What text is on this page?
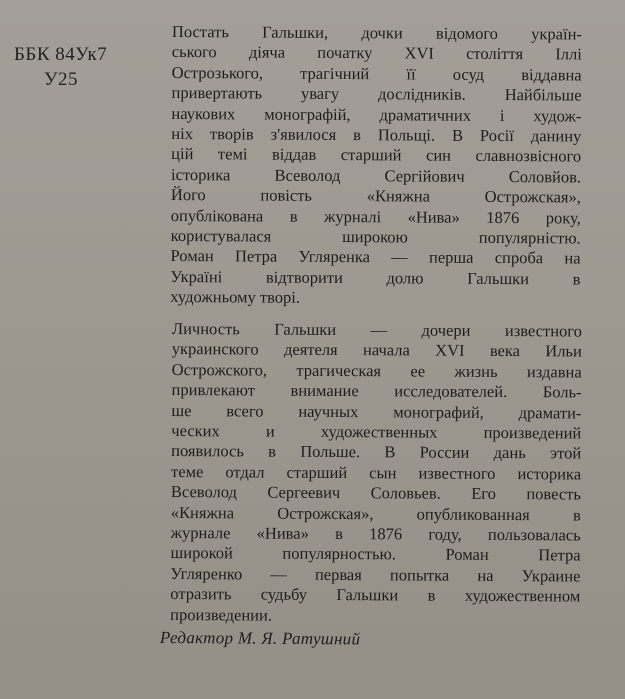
ББК 84Ук7
У25
Постать Гальшки, дочки відомого україн-
ського діяча початку XVI століття Іллі
Острозького, трагічний її осуд віддавна
привертають увагу дослідників. Найбільше
наукових монографій, драматичних і худож-
ніх творів з'явилося в Польщі. В Росії данину
цій темі віддав старший син славнозвісного
історика Всеволод Сергійович Соловйов.
Його повість «Княжна Острожская»,
опублікована в журналі «Нива» 1876 року,
користувалася широкою популярністю.
Роман Петра Угляренка — перша спроба на
Україні відтворити долю Гальшки в
художньому творі.
Личность Гальшки — дочери известного
украинского деятеля начала XVI века Ильи
Острожского, трагическая ее жизнь издавна
привлекают внимание исследователей. Боль-
ше всего научных монографий, драмати-
ческих и художественных произведений
появилось в Польше. В России дань этой
теме отдал старший сын известного историка
Всеволод Сергеевич Соловьев. Его повесть
«Княжна Острожская», опубликованная в
журнале «Нива» в 1876 году, пользовалась
широкой популярностью. Роман Петра
Угляренко — первая попытка на Украине
отразить судьбу Гальшки в художественном
произведении.
Редактор М. Я. Ратушний
